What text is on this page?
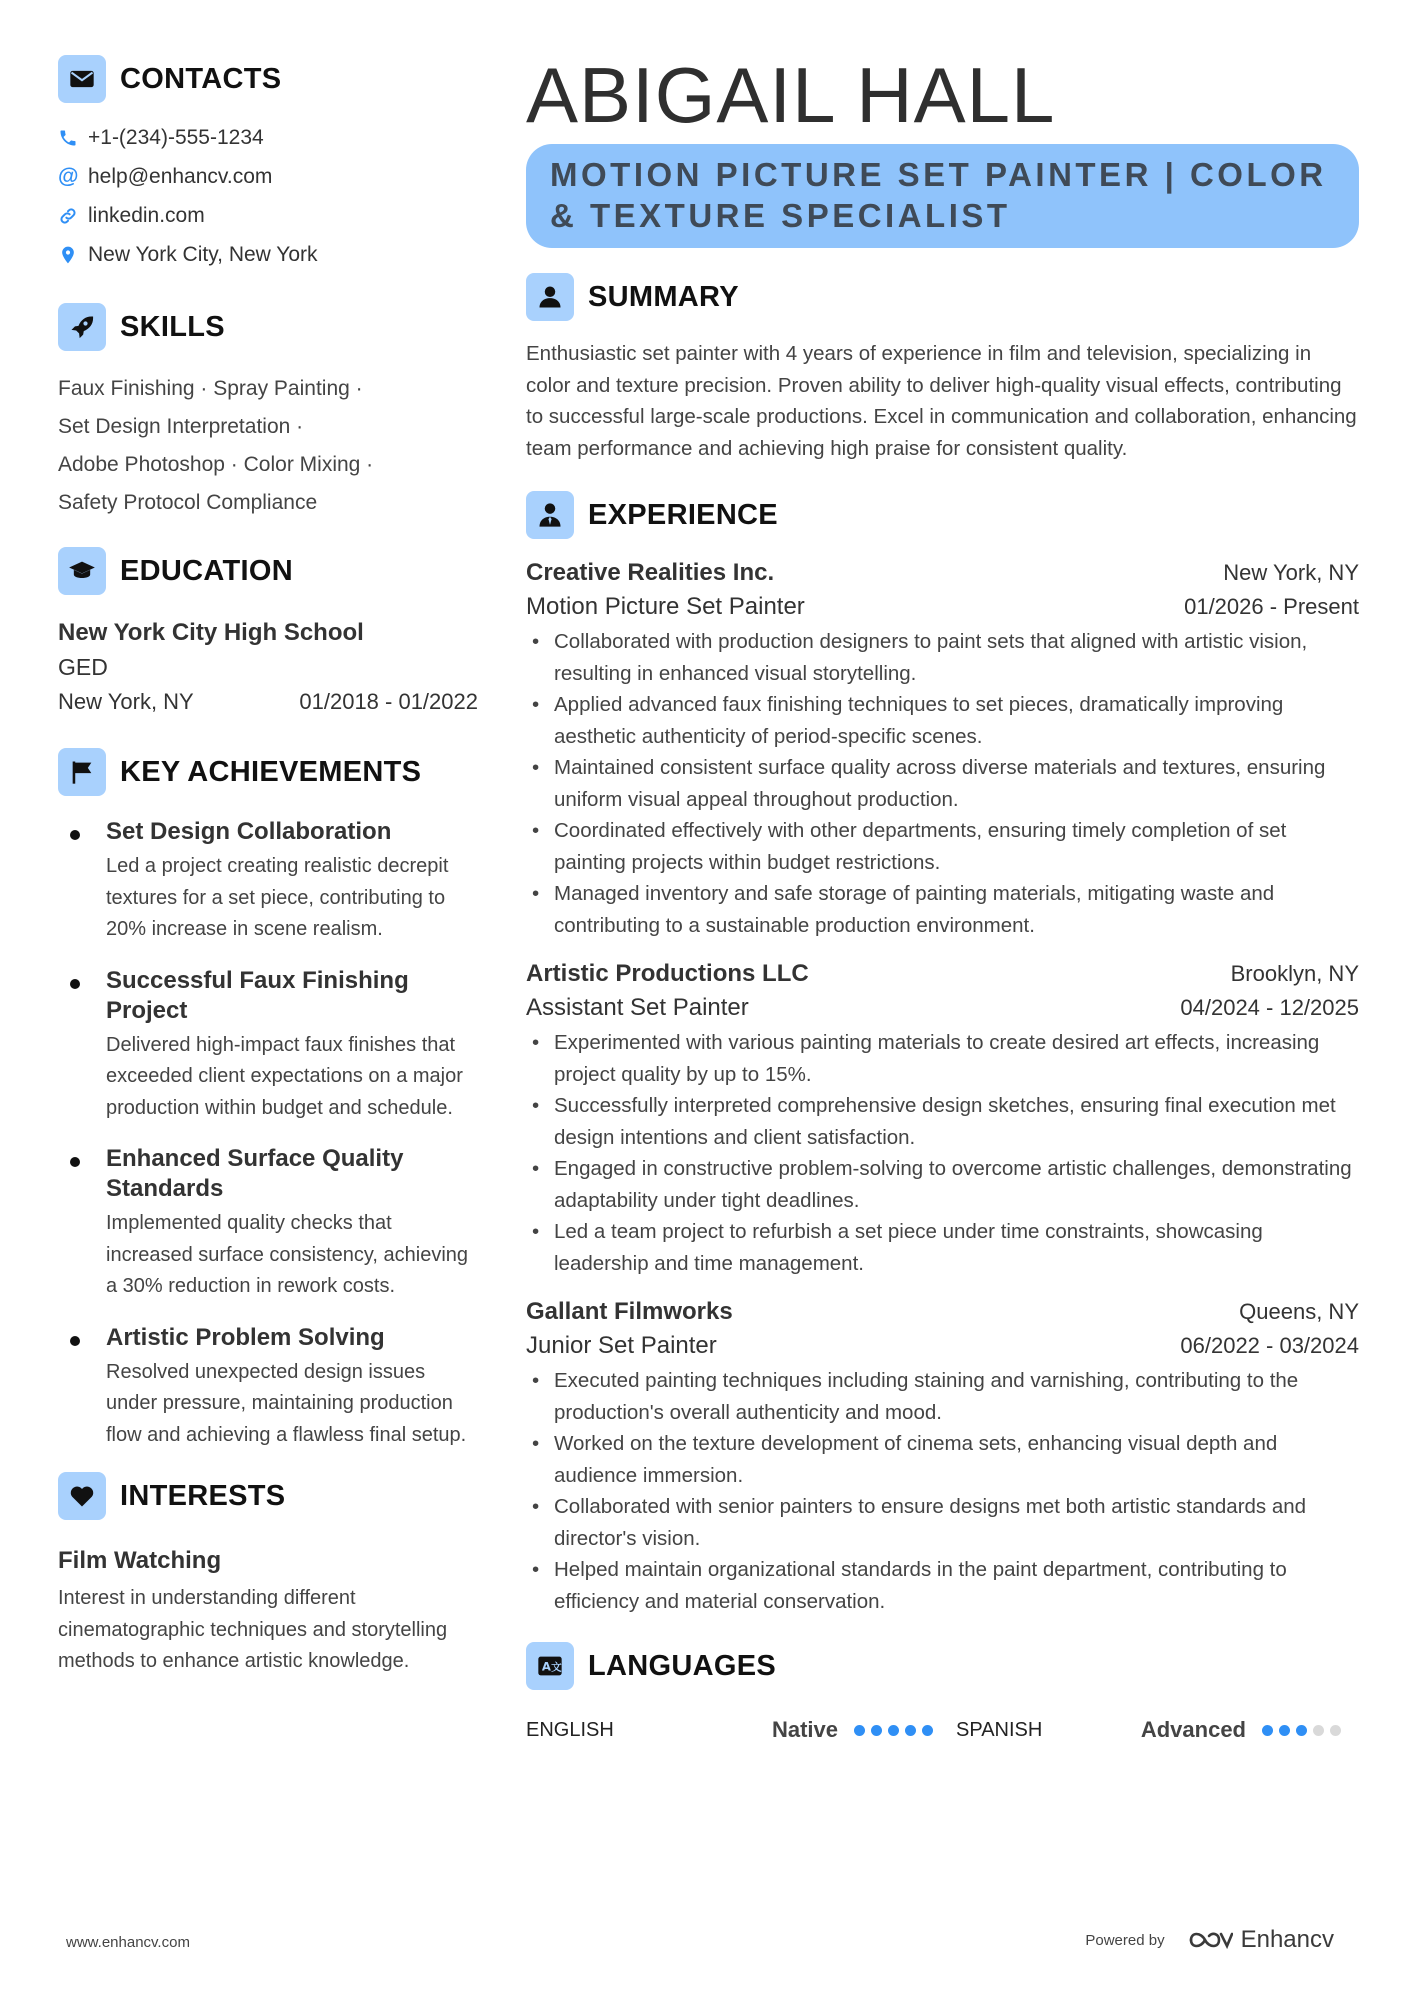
CONTACTS
+1-(234)-555-1234
@ help@enhancv.com
linkedin.com
New York City, New York
SKILLS
Faux Finishing · Spray Painting ·
Set Design Interpretation ·
Adobe Photoshop · Color Mixing ·
Safety Protocol Compliance
EDUCATION
New York City High School
GED
New York, NY	01/2018 - 01/2022
KEY ACHIEVEMENTS
Set Design Collaboration
Led a project creating realistic decrepit textures for a set piece, contributing to 20% increase in scene realism.
Successful Faux Finishing Project
Delivered high-impact faux finishes that exceeded client expectations on a major production within budget and schedule.
Enhanced Surface Quality Standards
Implemented quality checks that increased surface consistency, achieving a 30% reduction in rework costs.
Artistic Problem Solving
Resolved unexpected design issues under pressure, maintaining production flow and achieving a flawless final setup.
INTERESTS
Film Watching
Interest in understanding different cinematographic techniques and storytelling methods to enhance artistic knowledge.
ABIGAIL HALL
MOTION PICTURE SET PAINTER | COLOR & TEXTURE SPECIALIST
SUMMARY
Enthusiastic set painter with 4 years of experience in film and television, specializing in color and texture precision. Proven ability to deliver high-quality visual effects, contributing to successful large-scale productions. Excel in communication and collaboration, enhancing team performance and achieving high praise for consistent quality.
EXPERIENCE
Creative Realities Inc.	New York, NY
Motion Picture Set Painter	01/2026 - Present
• Collaborated with production designers to paint sets that aligned with artistic vision, resulting in enhanced visual storytelling.
• Applied advanced faux finishing techniques to set pieces, dramatically improving aesthetic authenticity of period-specific scenes.
• Maintained consistent surface quality across diverse materials and textures, ensuring uniform visual appeal throughout production.
• Coordinated effectively with other departments, ensuring timely completion of set painting projects within budget restrictions.
• Managed inventory and safe storage of painting materials, mitigating waste and contributing to a sustainable production environment.
Artistic Productions LLC	Brooklyn, NY
Assistant Set Painter	04/2024 - 12/2025
• Experimented with various painting materials to create desired art effects, increasing project quality by up to 15%.
• Successfully interpreted comprehensive design sketches, ensuring final execution met design intentions and client satisfaction.
• Engaged in constructive problem-solving to overcome artistic challenges, demonstrating adaptability under tight deadlines.
• Led a team project to refurbish a set piece under time constraints, showcasing leadership and time management.
Gallant Filmworks	Queens, NY
Junior Set Painter	06/2022 - 03/2024
• Executed painting techniques including staining and varnishing, contributing to the production's overall authenticity and mood.
• Worked on the texture development of cinema sets, enhancing visual depth and audience immersion.
• Collaborated with senior painters to ensure designs met both artistic standards and director's vision.
• Helped maintain organizational standards in the paint department, contributing to efficiency and material conservation.
A 文 LANGUAGES
ENGLISH	Native	SPANISH	Advanced
www.enhancv.com	Powered by	Enhancv
